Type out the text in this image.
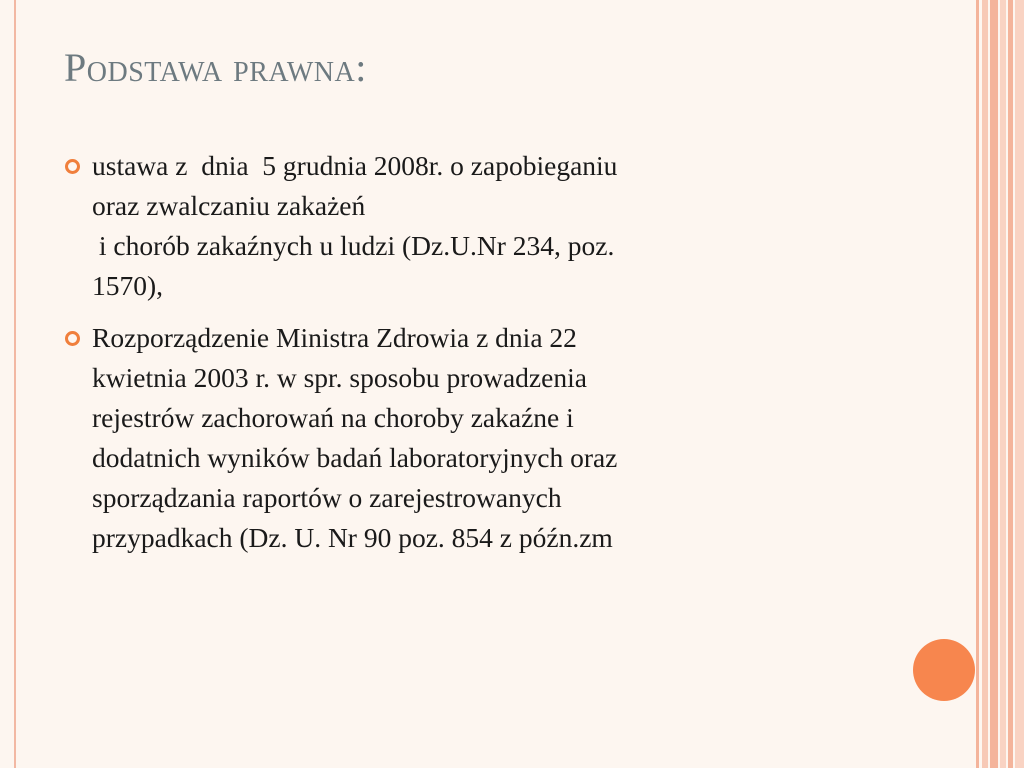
Podstawa prawna:
ustawa z  dnia  5 grudnia 2008r. o zapobieganiu
oraz zwalczaniu zakażeń
i chorób zakaźnych u ludzi (Dz.U.Nr 234, poz.
1570),
Rozporządzenie Ministra Zdrowia z dnia 22
kwietnia 2003 r. w spr. sposobu prowadzenia
rejestrów zachorowań na choroby zakaźne i
dodatnich wyników badań laboratoryjnych oraz
sporządzania raportów o zarejestrowanych
przypadkach (Dz. U. Nr 90 poz. 854 z późn.zm
